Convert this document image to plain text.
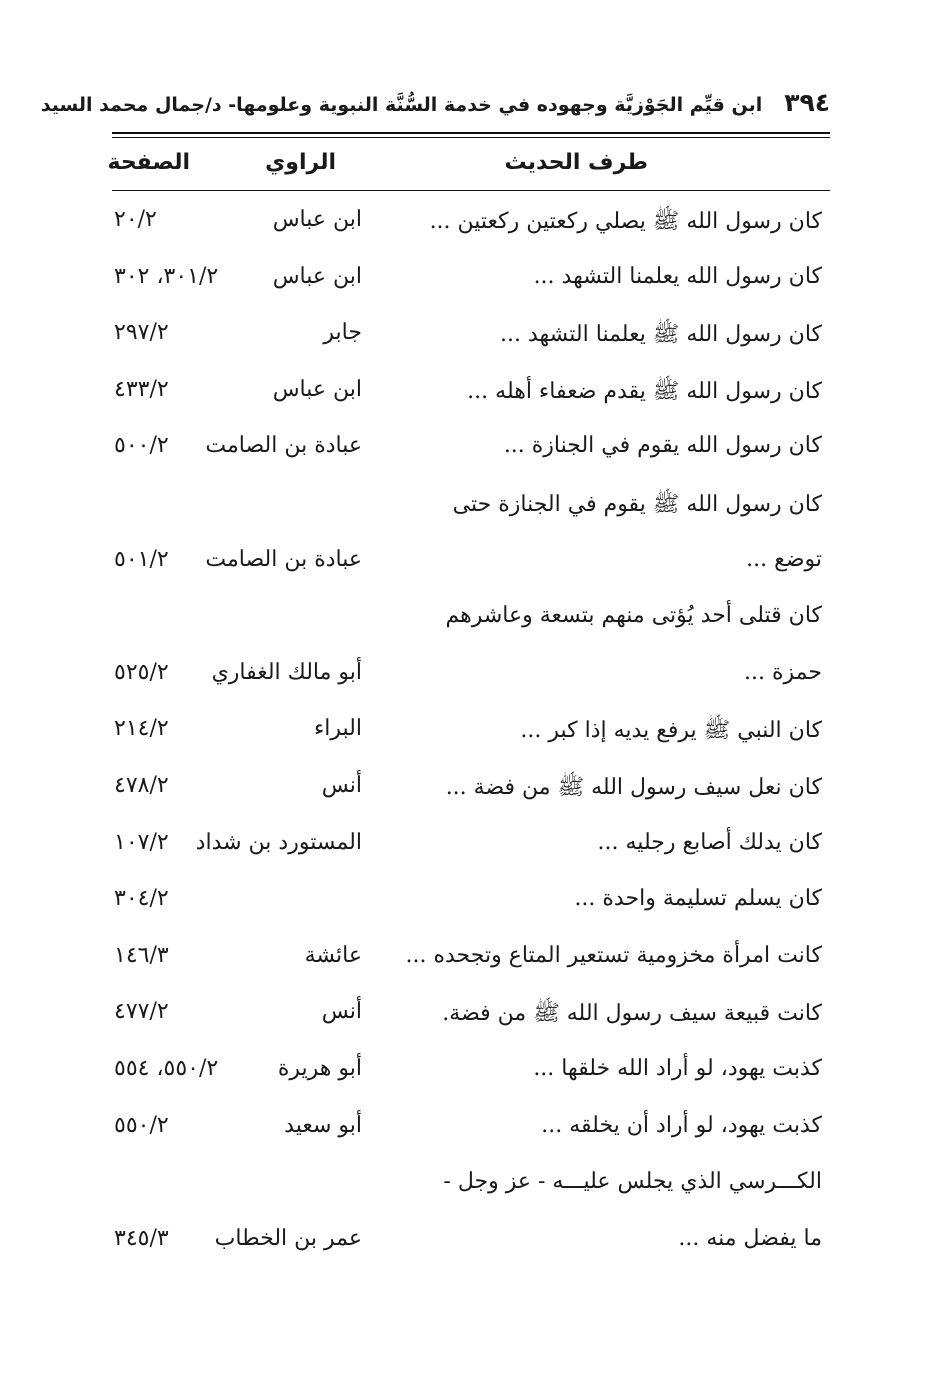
٣٩٤
ابن قيِّم الجَوْزيَّة وجهوده في خدمة السُّنَّة النبوية وعلومها- د/جمال محمد السيد
طرف الحديث
الراوي
الصفحة
كان رسول الله ﷺ يصلي ركعتين ركعتين ...
ابن عباس
٢٠/٢
كان رسول الله يعلمنا التشهد ...
ابن عباس
٣٠١/٢، ٣٠٢
كان رسول الله ﷺ يعلمنا التشهد ...
جابر
٢٩٧/٢
كان رسول الله ﷺ يقدم ضعفاء أهله ...
ابن عباس
٤٣٣/٢
كان رسول الله يقوم في الجنازة ...
عبادة بن الصامت
٥٠٠/٢
كان رسول الله ﷺ يقوم في الجنازة حتى
توضع ...
عبادة بن الصامت
٥٠١/٢
كان قتلى أحد يُؤتى منهم بتسعة وعاشرهم
حمزة ...
أبو مالك الغفاري
٥٢٥/٢
كان النبي ﷺ يرفع يديه إذا كبر ...
البراء
٢١٤/٢
كان نعل سيف رسول الله ﷺ من فضة ...
أنس
٤٧٨/٢
كان يدلك أصابع رجليه ...
المستورد بن شداد
١٠٧/٢
كان يسلم تسليمة واحدة ...
٣٠٤/٢
كانت امرأة مخزومية تستعير المتاع وتجحده ...
عائشة
١٤٦/٣
كانت قبيعة سيف رسول الله ﷺ من فضة.
أنس
٤٧٧/٢
كذبت يهود، لو أراد الله خلقها ...
أبو هريرة
٥٥٠/٢، ٥٥٤
كذبت يهود، لو أراد أن يخلقه ...
أبو سعيد
٥٥٠/٢
الكـــرسي الذي يجلس عليـــه - عز وجل -
ما يفضل منه ...
عمر بن الخطاب
٣٤٥/٣
